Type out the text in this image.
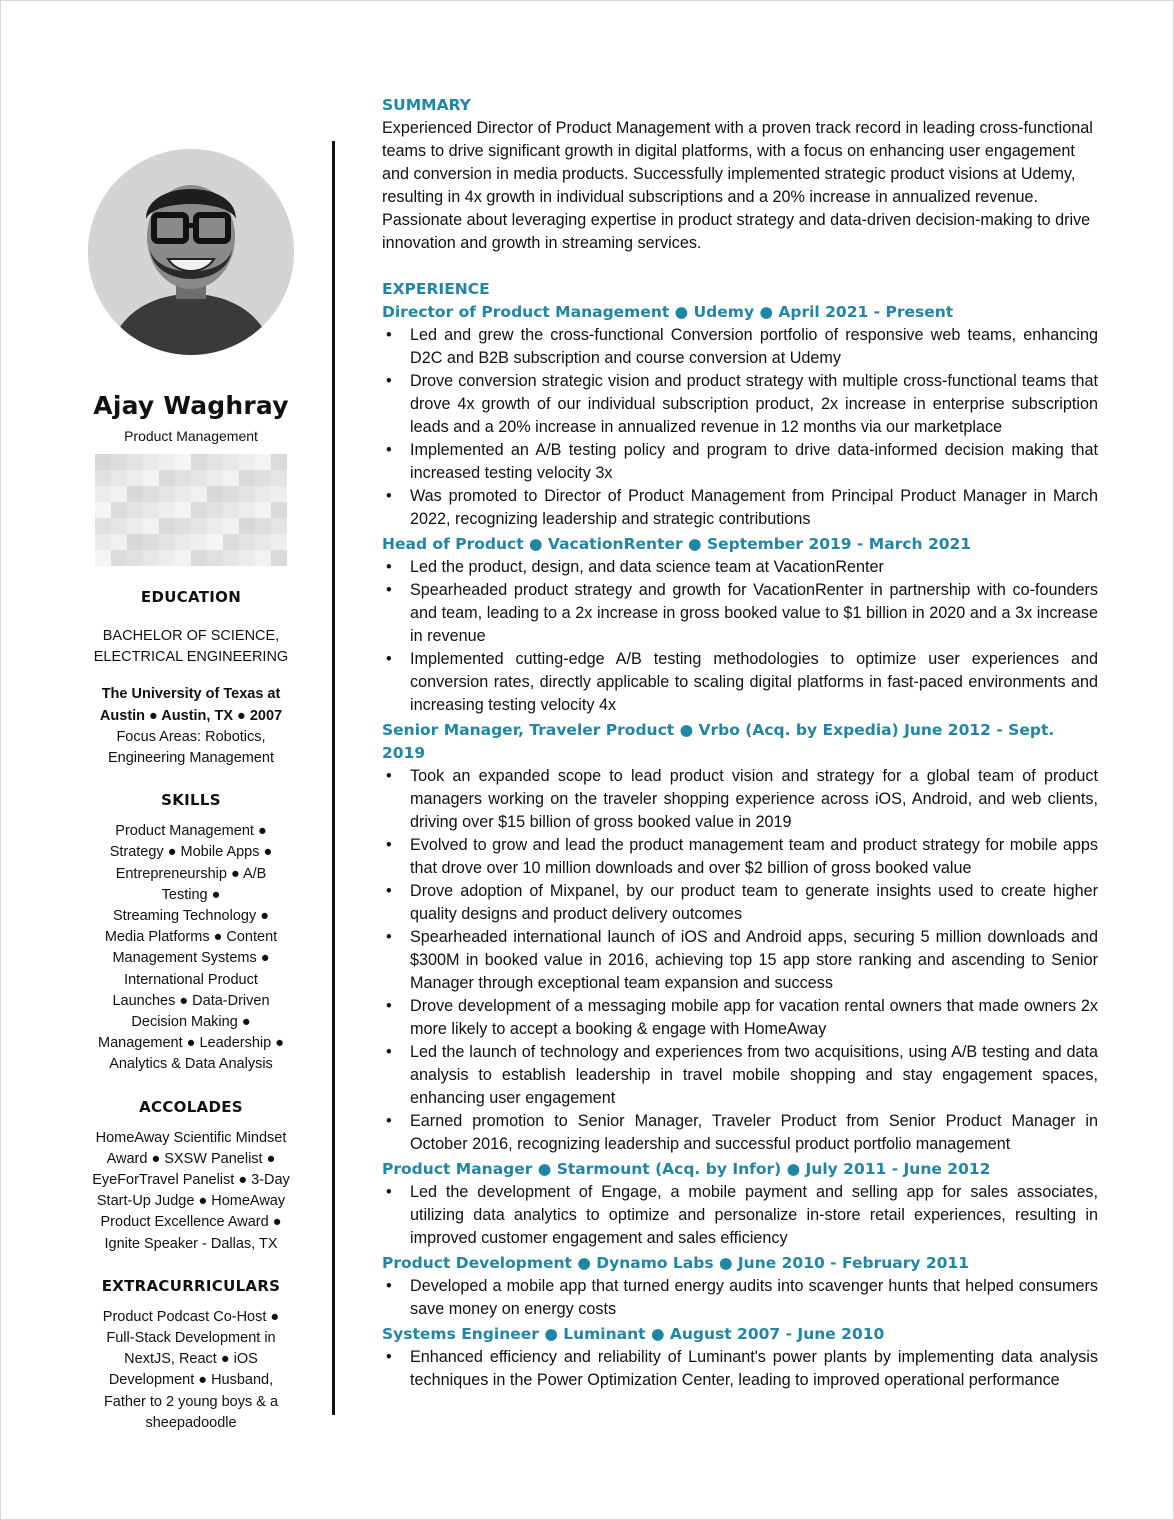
Ajay Waghray
Product Management
EDUCATION
BACHELOR OF SCIENCE,
ELECTRICAL ENGINEERING
The University of Texas at
Austin ● Austin, TX ● 2007
Focus Areas: Robotics,
Engineering Management
SKILLS
Product Management ●
Strategy ● Mobile Apps ●
Entrepreneurship ● A/B
Testing ●
Streaming Technology ●
Media Platforms ● Content
Management Systems ●
International Product
Launches ● Data-Driven
Decision Making ●
Management ● Leadership ●
Analytics & Data Analysis
ACCOLADES
HomeAway Scientific Mindset
Award ● SXSW Panelist ●
EyeForTravel Panelist ● 3-Day
Start-Up Judge ● HomeAway
Product Excellence Award ●
Ignite Speaker - Dallas, TX
EXTRACURRICULARS
Product Podcast Co-Host ●
Full-Stack Development in
NextJS, React ● iOS
Development ● Husband,
Father to 2 young boys & a
sheepadoodle
SUMMARY
Experienced Director of Product Management with a proven track record in leading cross-functional teams to drive significant growth in digital platforms, with a focus on enhancing user engagement and conversion in media products. Successfully implemented strategic product visions at Udemy, resulting in 4x growth in individual subscriptions and a 20% increase in annualized revenue. Passionate about leveraging expertise in product strategy and data-driven decision-making to drive innovation and growth in streaming services.
EXPERIENCE
Director of Product Management ● Udemy ● April 2021 - Present
• Led and grew the cross-functional Conversion portfolio of responsive web teams, enhancing D2C and B2B subscription and course conversion at Udemy
• Drove conversion strategic vision and product strategy with multiple cross-functional teams that drove 4x growth of our individual subscription product, 2x increase in enterprise subscription leads and a 20% increase in annualized revenue in 12 months via our marketplace
• Implemented an A/B testing policy and program to drive data-informed decision making that increased testing velocity 3x
• Was promoted to Director of Product Management from Principal Product Manager in March 2022, recognizing leadership and strategic contributions
Head of Product ● VacationRenter ● September 2019 - March 2021
• Led the product, design, and data science team at VacationRenter
• Spearheaded product strategy and growth for VacationRenter in partnership with co-founders and team, leading to a 2x increase in gross booked value to $1 billion in 2020 and a 3x increase in revenue
• Implemented cutting-edge A/B testing methodologies to optimize user experiences and conversion rates, directly applicable to scaling digital platforms in fast-paced environments and increasing testing velocity 4x
Senior Manager, Traveler Product ● Vrbo (Acq. by Expedia) June 2012 - Sept. 2019
• Took an expanded scope to lead product vision and strategy for a global team of product managers working on the traveler shopping experience across iOS, Android, and web clients, driving over $15 billion of gross booked value in 2019
• Evolved to grow and lead the product management team and product strategy for mobile apps that drove over 10 million downloads and over $2 billion of gross booked value
• Drove adoption of Mixpanel, by our product team to generate insights used to create higher quality designs and product delivery outcomes
• Spearheaded international launch of iOS and Android apps, securing 5 million downloads and $300M in booked value in 2016, achieving top 15 app store ranking and ascending to Senior Manager through exceptional team expansion and success
• Drove development of a messaging mobile app for vacation rental owners that made owners 2x more likely to accept a booking & engage with HomeAway
• Led the launch of technology and experiences from two acquisitions, using A/B testing and data analysis to establish leadership in travel mobile shopping and stay engagement spaces, enhancing user engagement
• Earned promotion to Senior Manager, Traveler Product from Senior Product Manager in October 2016, recognizing leadership and successful product portfolio management
Product Manager ● Starmount (Acq. by Infor) ● July 2011 - June 2012
• Led the development of Engage, a mobile payment and selling app for sales associates, utilizing data analytics to optimize and personalize in-store retail experiences, resulting in improved customer engagement and sales efficiency
Product Development ● Dynamo Labs ● June 2010 - February 2011
• Developed a mobile app that turned energy audits into scavenger hunts that helped consumers save money on energy costs
Systems Engineer ● Luminant ● August 2007 - June 2010
• Enhanced efficiency and reliability of Luminant's power plants by implementing data analysis techniques in the Power Optimization Center, leading to improved operational performance
